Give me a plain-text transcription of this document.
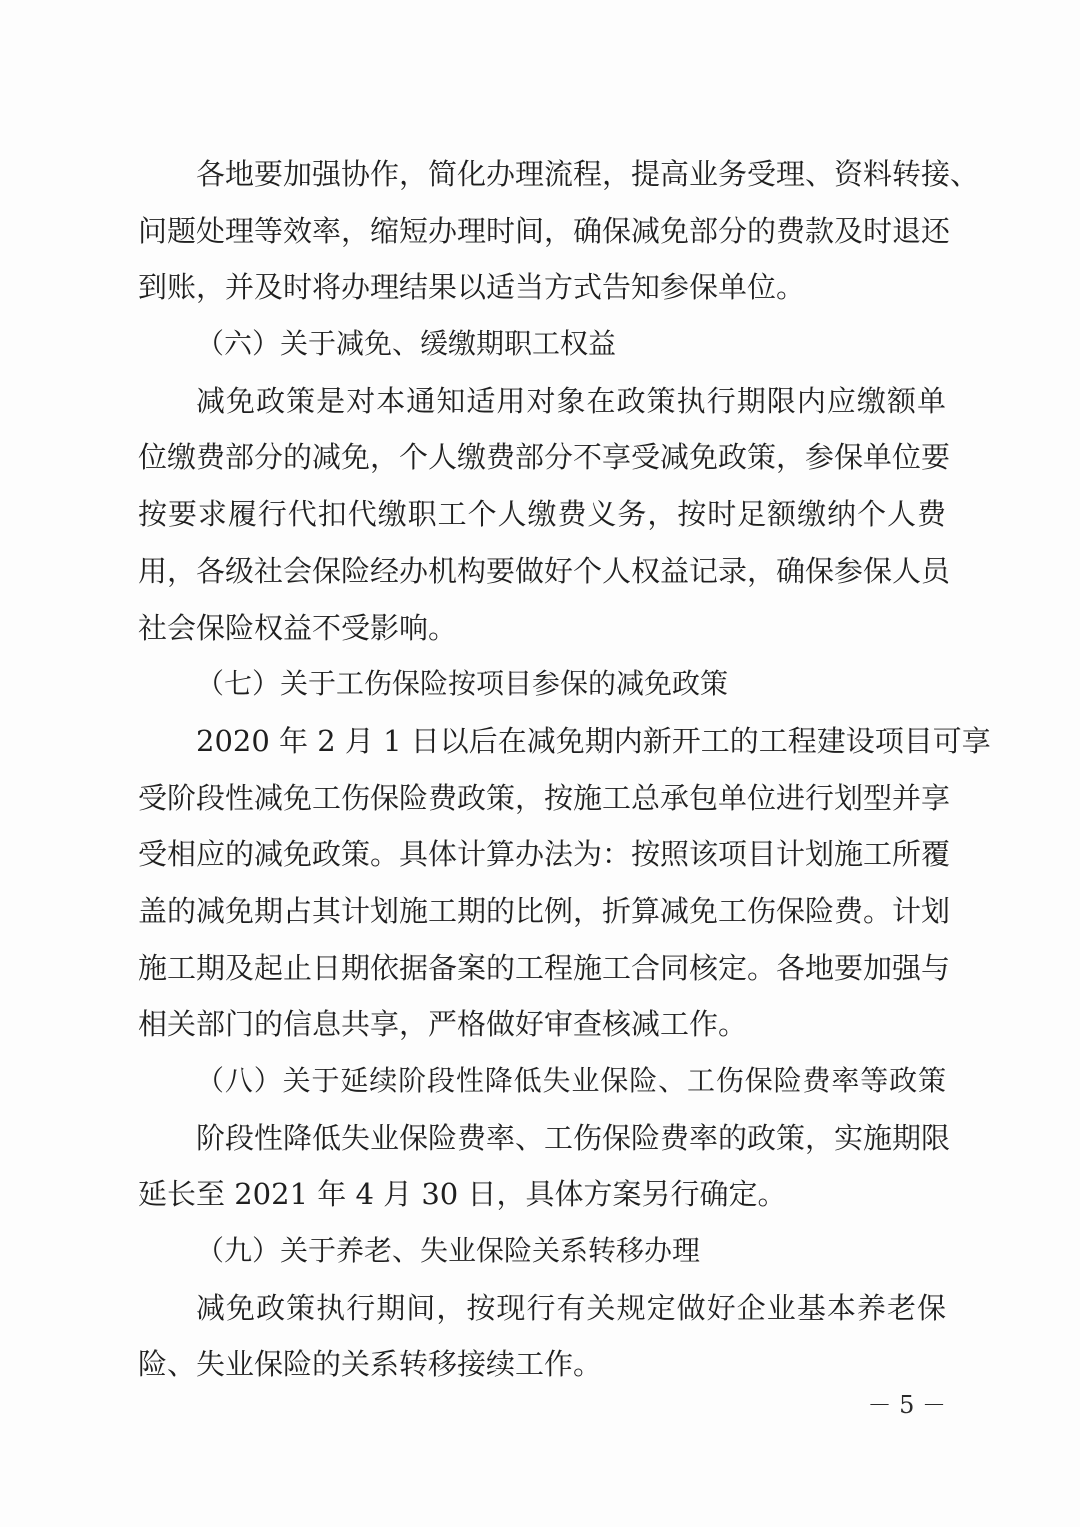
各地要加强协作，简化办理流程，提高业务受理、资料转接、
问题处理等效率，缩短办理时间，确保减免部分的费款及时退还
到账，并及时将办理结果以适当方式告知参保单位。
（六）关于减免、缓缴期职工权益
减免政策是对本通知适用对象在政策执行期限内应缴额单
位缴费部分的减免，个人缴费部分不享受减免政策，参保单位要
按要求履行代扣代缴职工个人缴费义务，按时足额缴纳个人费
用，各级社会保险经办机构要做好个人权益记录，确保参保人员
社会保险权益不受影响。
（七）关于工伤保险按项目参保的减免政策
2020 年 2 月 1 日以后在减免期内新开工的工程建设项目可享
受阶段性减免工伤保险费政策，按施工总承包单位进行划型并享
受相应的减免政策。具体计算办法为：按照该项目计划施工所覆
盖的减免期占其计划施工期的比例，折算减免工伤保险费。计划
施工期及起止日期依据备案的工程施工合同核定。各地要加强与
相关部门的信息共享，严格做好审查核减工作。
（八）关于延续阶段性降低失业保险、工伤保险费率等政策
阶段性降低失业保险费率、工伤保险费率的政策，实施期限
延长至 2021 年 4 月 30 日，具体方案另行确定。
（九）关于养老、失业保险关系转移办理
减免政策执行期间，按现行有关规定做好企业基本养老保
险、失业保险的关系转移接续工作。
－ 5 －
